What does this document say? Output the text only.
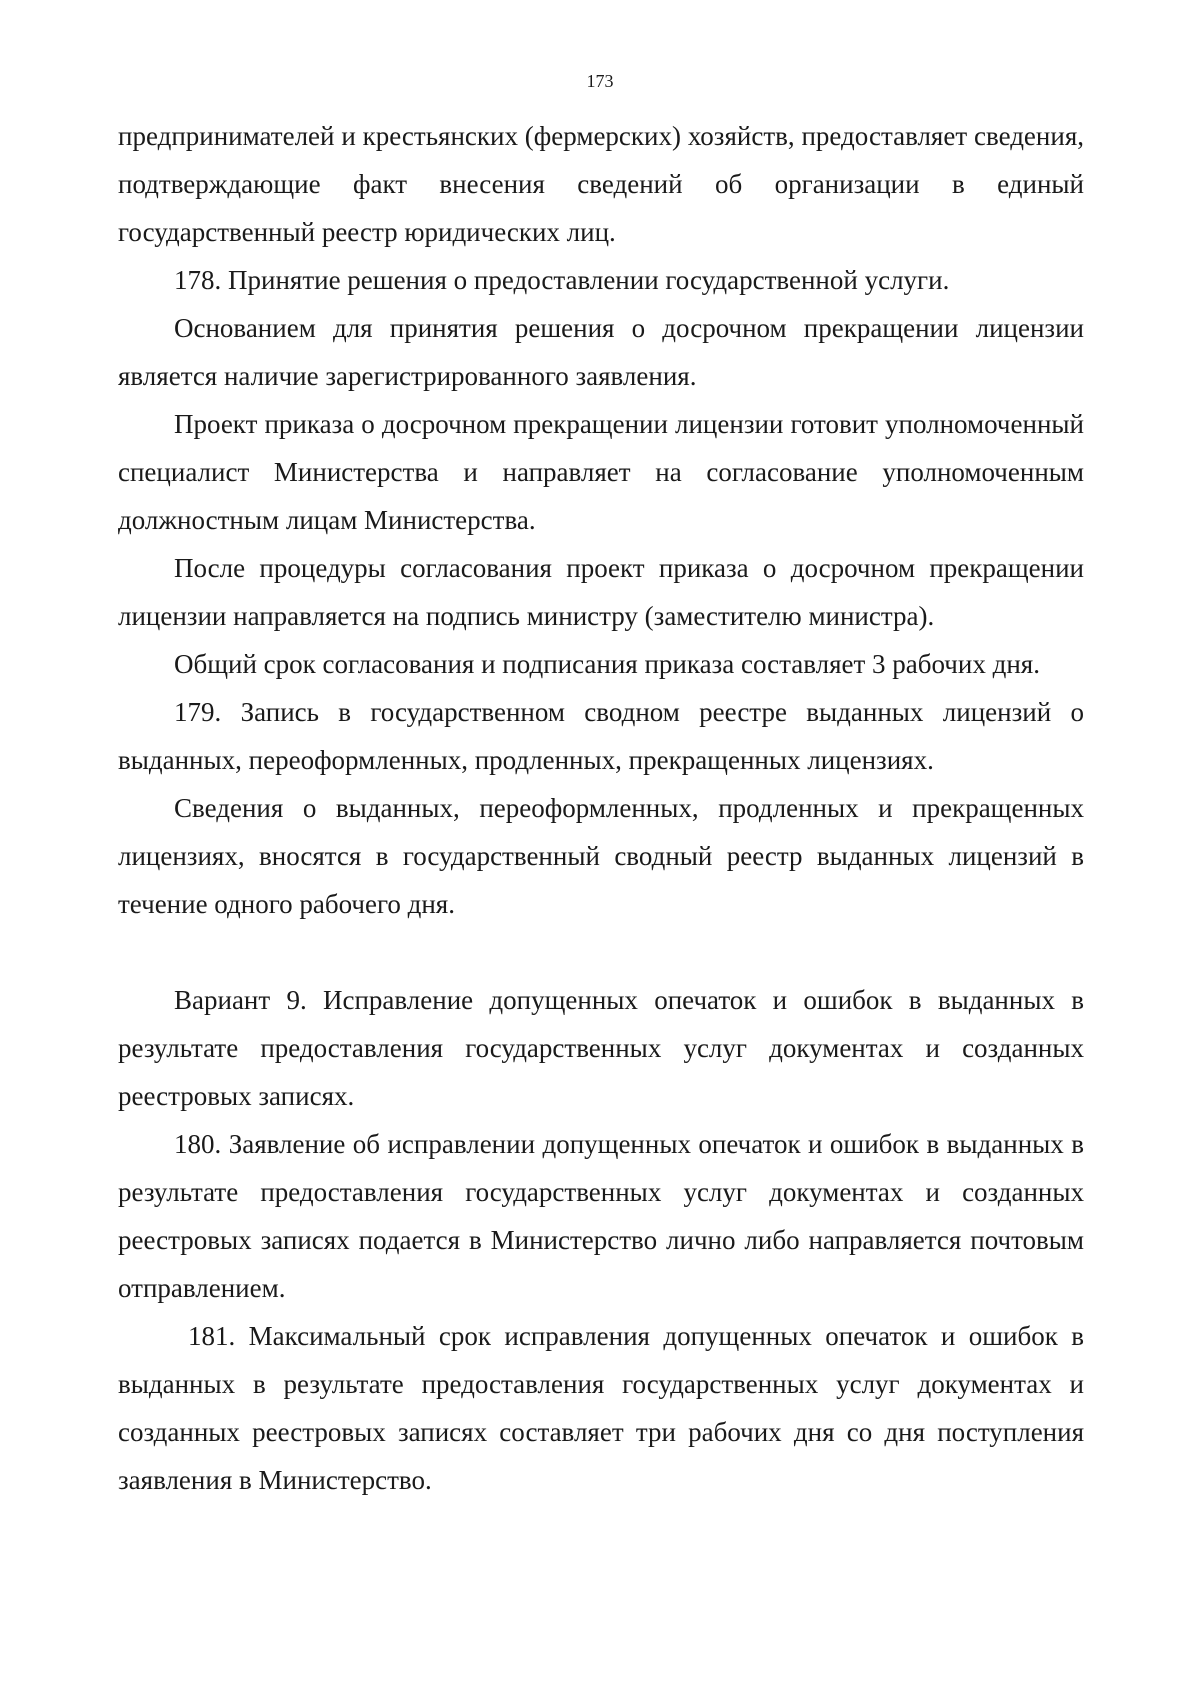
173

предпринимателей и крестьянских (фермерских) хозяйств, предоставляет сведения, подтверждающие факт внесения сведений об организации в единый государственный реестр юридических лиц.

178. Принятие решения о предоставлении государственной услуги.

Основанием для принятия решения о досрочном прекращении лицензии является наличие зарегистрированного заявления.

Проект приказа о досрочном прекращении лицензии готовит уполномоченный специалист Министерства и направляет на согласование уполномоченным должностным лицам Министерства.

После процедуры согласования проект приказа о досрочном прекращении лицензии направляется на подпись министру (заместителю министра).

Общий срок согласования и подписания приказа составляет 3 рабочих дня.

179. Запись в государственном сводном реестре выданных лицензий о выданных, переоформленных, продленных, прекращенных лицензиях.

Сведения о выданных, переоформленных, продленных и прекращенных лицензиях, вносятся в государственный сводный реестр выданных лицензий в течение одного рабочего дня.

Вариант 9. Исправление допущенных опечаток и ошибок в выданных в результате предоставления государственных услуг документах и созданных реестровых записях.

180. Заявление об исправлении допущенных опечаток и ошибок в выданных в результате предоставления государственных услуг документах и созданных реестровых записях подается в Министерство лично либо направляется почтовым отправлением.

181. Максимальный срок исправления допущенных опечаток и ошибок в выданных в результате предоставления государственных услуг документах и созданных реестровых записях составляет три рабочих дня со дня поступления заявления в Министерство.
